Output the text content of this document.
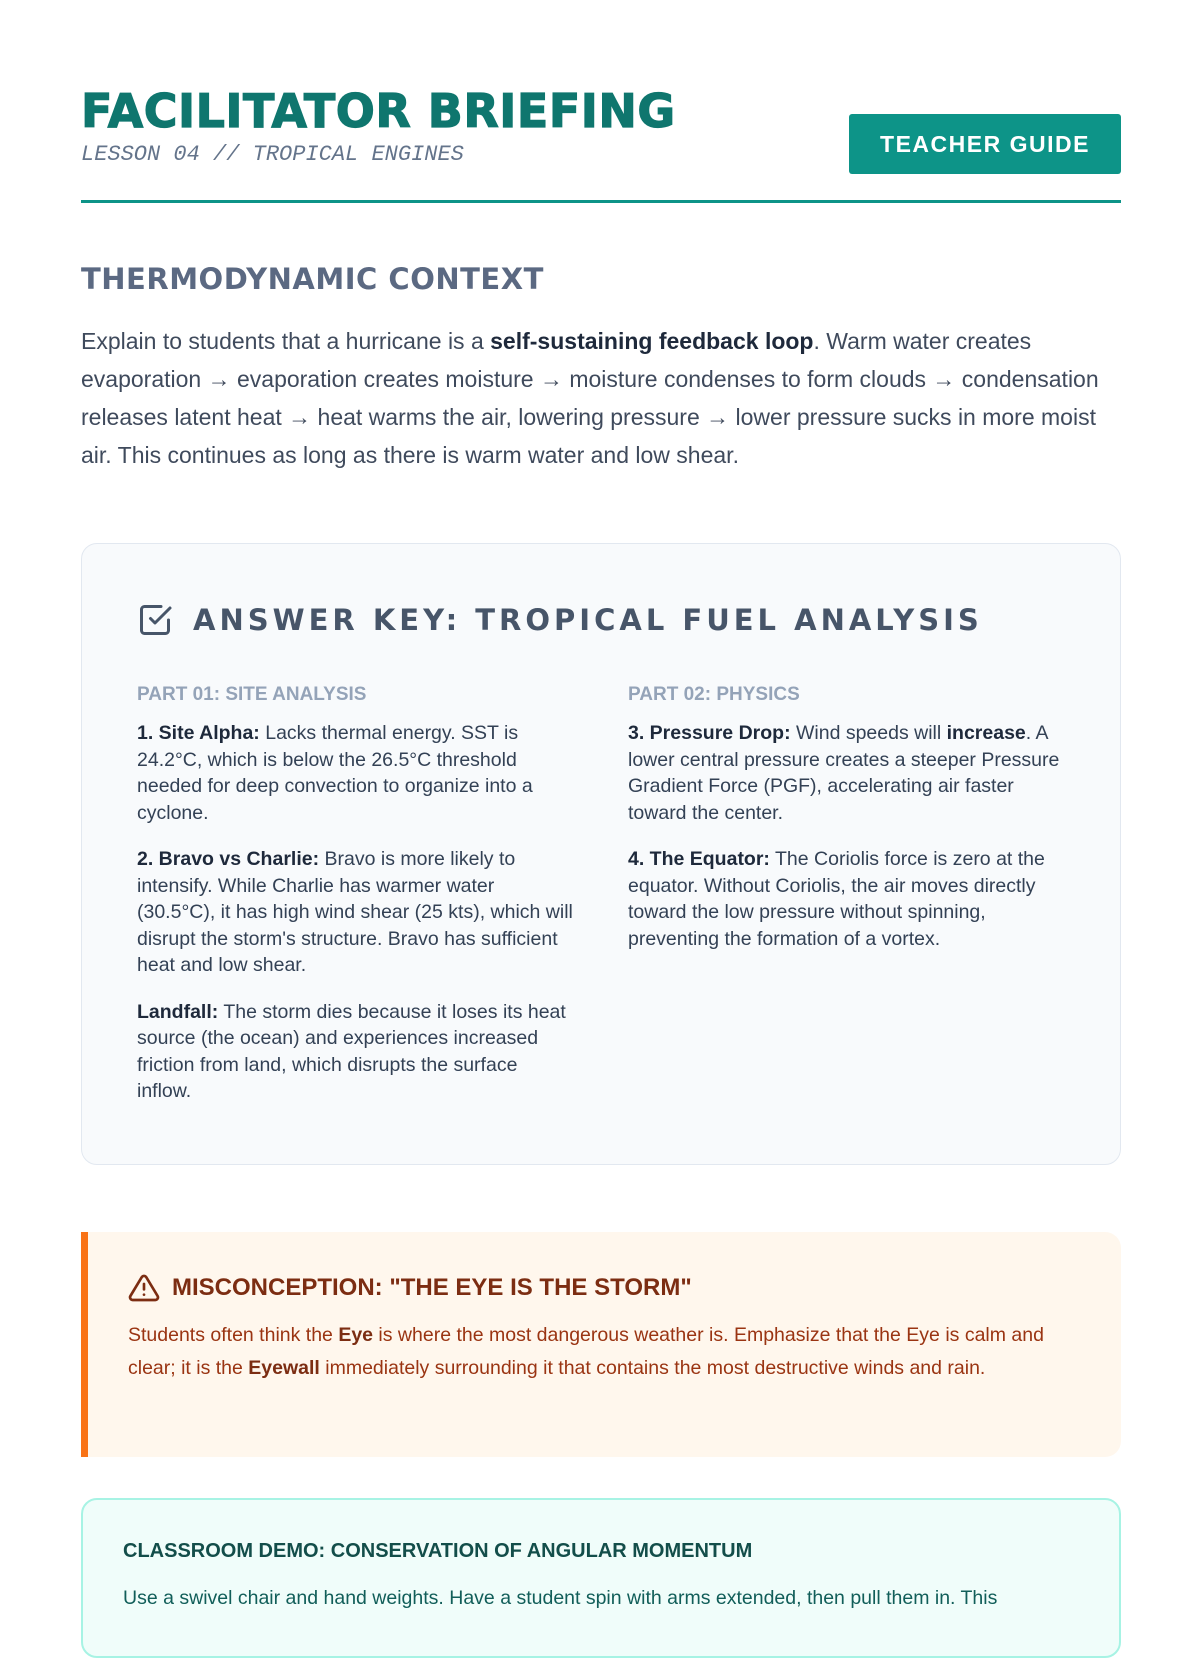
FACILITATOR BRIEFING
LESSON 04 // TROPICAL ENGINES	TEACHER GUIDE
THERMODYNAMIC CONTEXT

Explain to students that a hurricane is a self-sustaining feedback loop. Warm water creates evaporation → evaporation creates moisture → moisture condenses to form clouds → condensation releases latent heat → heat warms the air, lowering pressure → lower pressure sucks in more moist air. This continues as long as there is warm water and low shear.

ANSWER KEY: TROPICAL FUEL ANALYSIS
PART 01: SITE ANALYSIS

1. Site Alpha: Lacks thermal energy. SST is 24.2°C, which is below the 26.5°C threshold needed for deep convection to organize into a cyclone.

2. Bravo vs Charlie: Bravo is more likely to intensify. While Charlie has warmer water (30.5°C), it has high wind shear (25 kts), which will disrupt the storm's structure. Bravo has sufficient heat and low shear.

Landfall: The storm dies because it loses its heat source (the ocean) and experiences increased friction from land, which disrupts the surface inflow.

PART 02: PHYSICS

3. Pressure Drop: Wind speeds will increase. A lower central pressure creates a steeper Pressure Gradient Force (PGF), accelerating air faster toward the center.

4. The Equator: The Coriolis force is zero at the equator. Without Coriolis, the air moves directly toward the low pressure without spinning, preventing the formation of a vortex.

MISCONCEPTION: "THE EYE IS THE STORM"

Students often think the Eye is where the most dangerous weather is. Emphasize that the Eye is calm and clear; it is the Eyewall immediately surrounding it that contains the most destructive winds and rain.

CLASSROOM DEMO: CONSERVATION OF ANGULAR MOMENTUM

Use a swivel chair and hand weights. Have a student spin with arms extended, then pull them in. This
